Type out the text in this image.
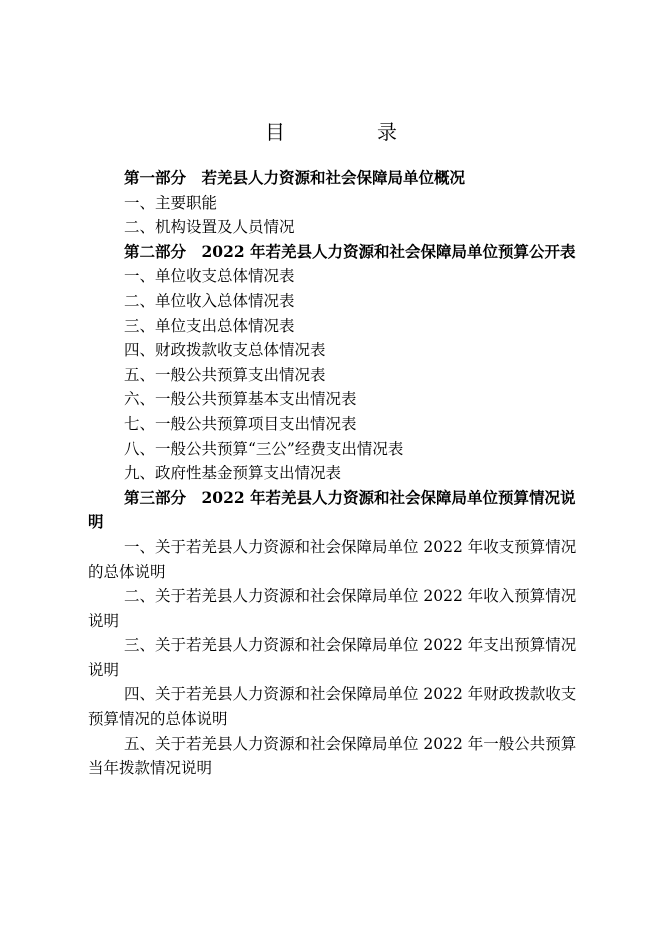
目　录

第一部分　若羌县人力资源和社会保障局单位概况

一、主要职能

二、机构设置及人员情况

第二部分　2022 年若羌县人力资源和社会保障局单位预算公开表

一、单位收支总体情况表

二、单位收入总体情况表

三、单位支出总体情况表

四、财政拨款收支总体情况表

五、一般公共预算支出情况表

六、一般公共预算基本支出情况表

七、一般公共预算项目支出情况表

八、一般公共预算“三公”经费支出情况表

九、政府性基金预算支出情况表

第三部分　2022 年若羌县人力资源和社会保障局单位预算情况说明

一、关于若羌县人力资源和社会保障局单位 2022 年收支预算情况的总体说明

二、关于若羌县人力资源和社会保障局单位 2022 年收入预算情况说明

三、关于若羌县人力资源和社会保障局单位 2022 年支出预算情况说明

四、关于若羌县人力资源和社会保障局单位 2022 年财政拨款收支预算情况的总体说明

五、关于若羌县人力资源和社会保障局单位 2022 年一般公共预算当年拨款情况说明
